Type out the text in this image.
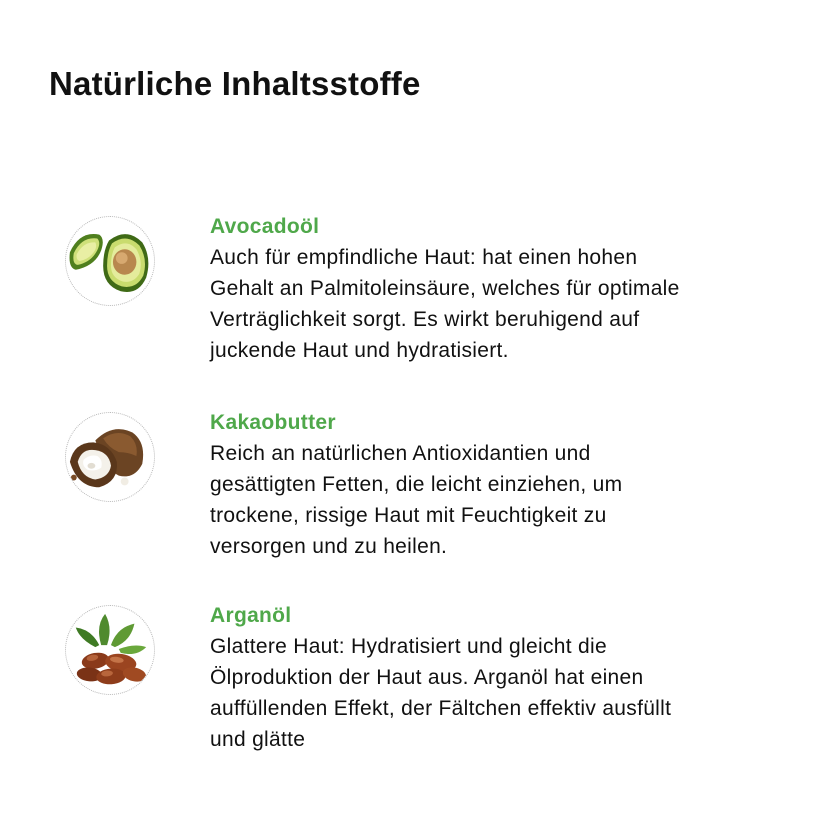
Natürliche Inhaltsstoffe

Avocadoöl

Auch für empfindliche Haut: hat einen hohen
Gehalt an Palmitoleinsäure, welches für optimale
Verträglichkeit sorgt. Es wirkt beruhigend auf
juckende Haut und hydratisiert.

Kakaobutter

Reich an natürlichen Antioxidantien und
gesättigten Fetten, die leicht einziehen, um
trockene, rissige Haut mit Feuchtigkeit zu
versorgen und zu heilen.

Arganöl

Glattere Haut: Hydratisiert und gleicht die
Ölproduktion der Haut aus. Arganöl hat einen
auffüllenden Effekt, der Fältchen effektiv ausfüllt
und glätte
